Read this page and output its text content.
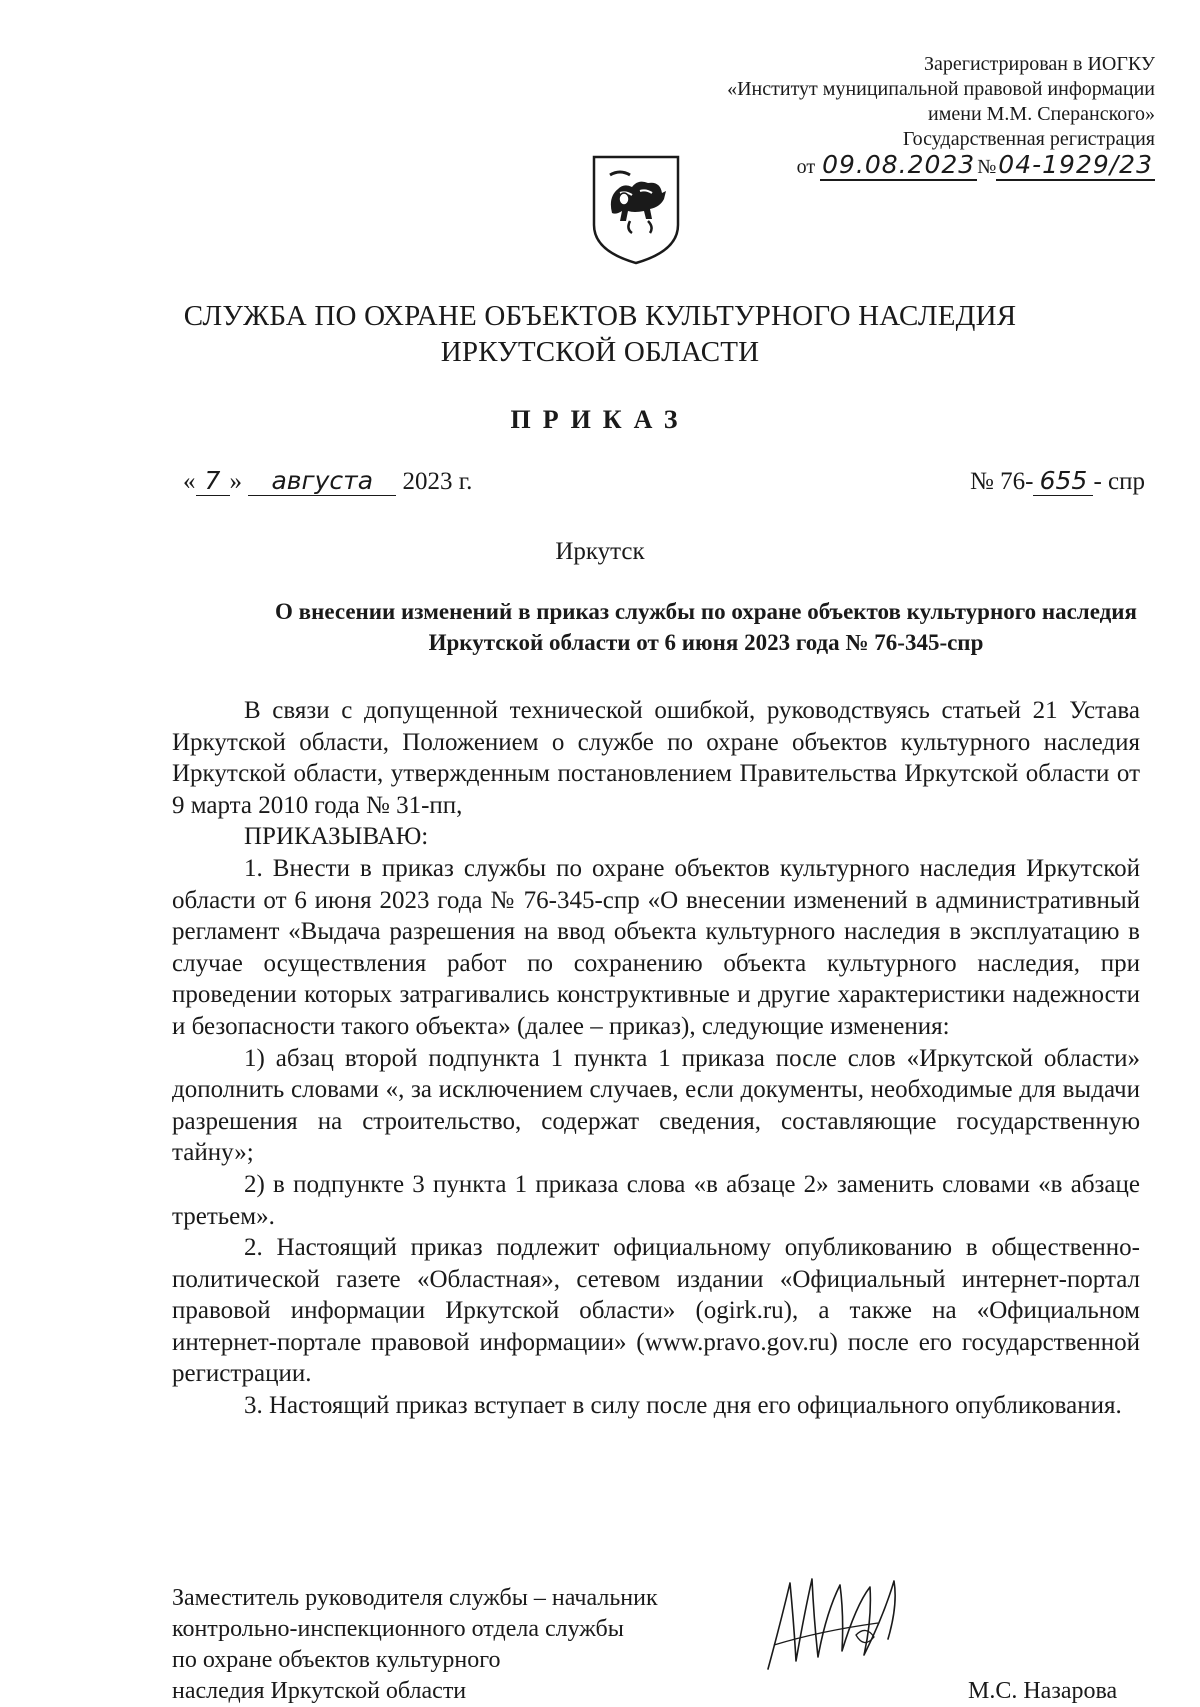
Зарегистрирован в ИОГКУ
«Институт муниципальной правовой информации
имени М.М. Сперанского»
Государственная регистрация
от 09.08.2023 №04-1929/23
СЛУЖБА ПО ОХРАНЕ ОБЪЕКТОВ КУЛЬТУРНОГО НАСЛЕДИЯ
ИРКУТСКОЙ ОБЛАСТИ
ПРИКАЗ
« 7 » августа 2023 г.	№ 76- 655 - спр
Иркутск
О внесении изменений в приказ службы по охране объектов культурного наследия Иркутской области от 6 июня 2023 года № 76-345-спр

В связи с допущенной технической ошибкой, руководствуясь статьей 21 Устава Иркутской области, Положением о службе по охране объектов культурного наследия Иркутской области, утвержденным постановлением Правительства Иркутской области от 9 марта 2010 года № 31-пп,

ПРИКАЗЫВАЮ:

1. Внести в приказ службы по охране объектов культурного наследия Иркутской области от 6 июня 2023 года № 76-345-спр «О внесении изменений в административный регламент «Выдача разрешения на ввод объекта культурного наследия в эксплуатацию в случае осуществления работ по сохранению объекта культурного наследия, при проведении которых затрагивались конструктивные и другие характеристики надежности и безопасности такого объекта» (далее – приказ), следующие изменения:

1) абзац второй подпункта 1 пункта 1 приказа после слов «Иркутской области» дополнить словами «, за исключением случаев, если документы, необходимые для выдачи разрешения на строительство, содержат сведения, составляющие государственную тайну»;

2) в подпункте 3 пункта 1 приказа слова «в абзаце 2» заменить словами «в абзаце третьем».

2. Настоящий приказ подлежит официальному опубликованию в общественно-политической газете «Областная», сетевом издании «Официальный интернет-портал правовой информации Иркутской области» (ogirk.ru), а также на «Официальном интернет-портале правовой информации» (www.pravo.gov.ru) после его государственной регистрации.

3. Настоящий приказ вступает в силу после дня его официального опубликования.

Заместитель руководителя службы – начальник
контрольно-инспекционного отдела службы
по охране объектов культурного
наследия Иркутской области	М.С. Назарова
